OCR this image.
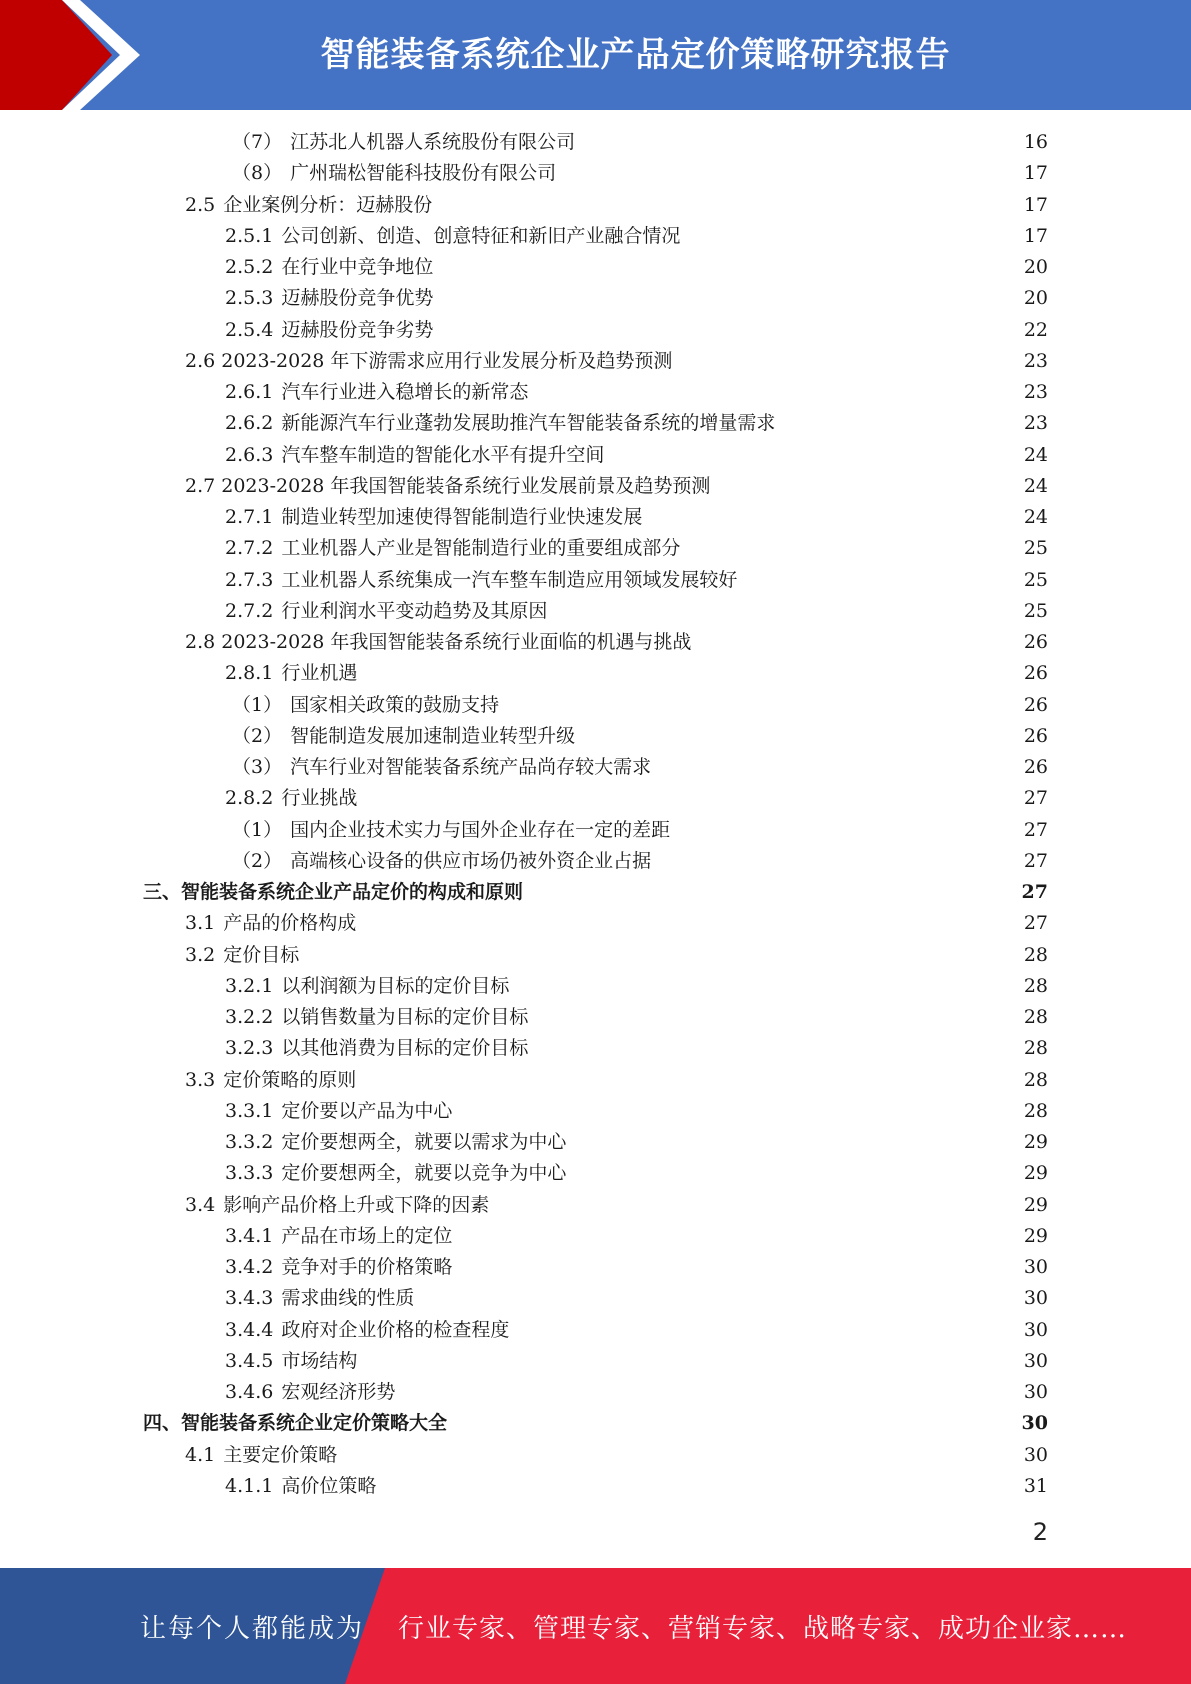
智能装备系统企业产品定价策略研究报告
（7） 江苏北人机器人系统股份有限公司	16
（8） 广州瑞松智能科技股份有限公司	17
2.5 企业案例分析：迈赫股份	17
2.5.1 公司创新、创造、创意特征和新旧产业融合情况	17
2.5.2 在行业中竞争地位	20
2.5.3 迈赫股份竞争优势	20
2.5.4 迈赫股份竞争劣势	22
2.6 2023-2028 年下游需求应用行业发展分析及趋势预测	23
2.6.1 汽车行业进入稳增长的新常态	23
2.6.2 新能源汽车行业蓬勃发展助推汽车智能装备系统的增量需求	23
2.6.3 汽车整车制造的智能化水平有提升空间	24
2.7 2023-2028 年我国智能装备系统行业发展前景及趋势预测	24
2.7.1 制造业转型加速使得智能制造行业快速发展	24
2.7.2 工业机器人产业是智能制造行业的重要组成部分	25
2.7.3 工业机器人系统集成一汽车整车制造应用领域发展较好	25
2.7.2 行业利润水平变动趋势及其原因	25
2.8 2023-2028 年我国智能装备系统行业面临的机遇与挑战	26
2.8.1 行业机遇	26
（1） 国家相关政策的鼓励支持	26
（2） 智能制造发展加速制造业转型升级	26
（3） 汽车行业对智能装备系统产品尚存较大需求	26
2.8.2 行业挑战	27
（1） 国内企业技术实力与国外企业存在一定的差距	27
（2） 高端核心设备的供应市场仍被外资企业占据	27
三、智能装备系统企业产品定价的构成和原则	27
3.1 产品的价格构成	27
3.2 定价目标	28
3.2.1 以利润额为目标的定价目标	28
3.2.2 以销售数量为目标的定价目标	28
3.2.3 以其他消费为目标的定价目标	28
3.3 定价策略的原则	28
3.3.1 定价要以产品为中心	28
3.3.2 定价要想两全，就要以需求为中心	29
3.3.3 定价要想两全，就要以竞争为中心	29
3.4 影响产品价格上升或下降的因素	29
3.4.1 产品在市场上的定位	29
3.4.2 竞争对手的价格策略	30
3.4.3 需求曲线的性质	30
3.4.4 政府对企业价格的检查程度	30
3.4.5 市场结构	30
3.4.6 宏观经济形势	30
四、智能装备系统企业定价策略大全	30
4.1 主要定价策略	30
4.1.1 高价位策略	31
2
让每个人都能成为 行业专家、管理专家、营销专家、战略专家、成功企业家……
